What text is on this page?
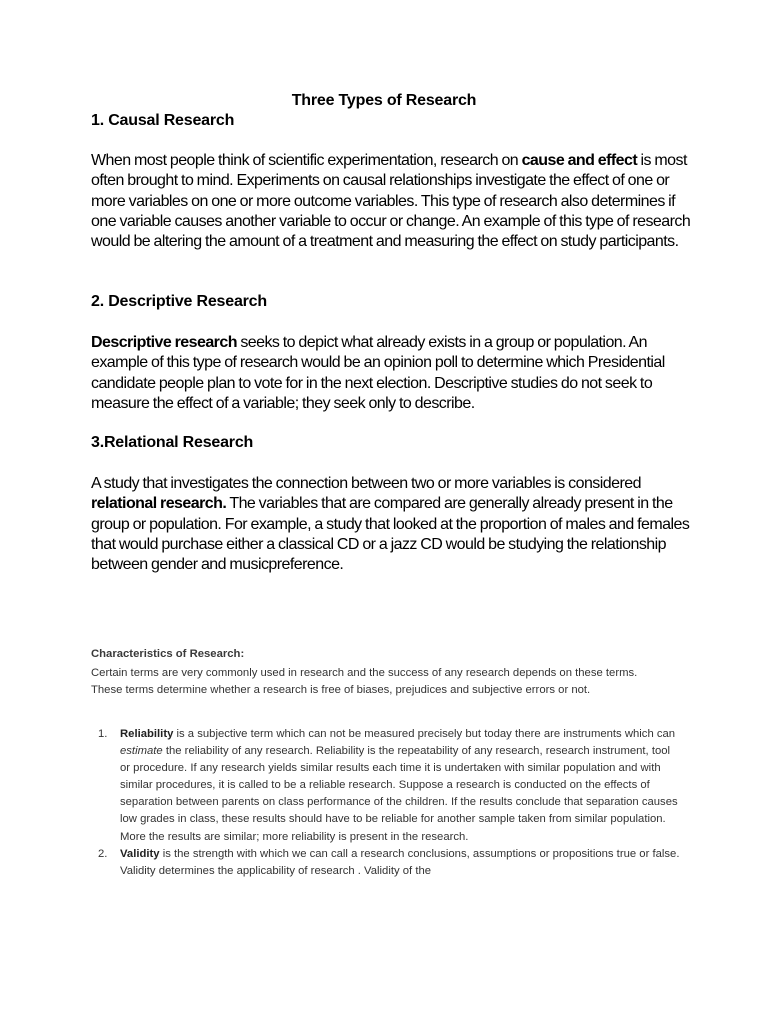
Three Types of Research
1. Causal Research
When most people think of scientific experimentation, research on cause and effect is most often brought to mind. Experiments on causal relationships investigate the effect of one or more variables on one or more outcome variables. This type of research also determines if one variable causes another variable to occur or change. An example of this type of research would be altering the amount of a treatment and measuring the effect on study participants.
2. Descriptive Research
Descriptive research seeks to depict what already exists in a group or population. An example of this type of research would be an opinion poll to determine which Presidential candidate people plan to vote for in the next election. Descriptive studies do not seek to measure the effect of a variable; they seek only to describe.
3.Relational Research
A study that investigates the connection between two or more variables is considered relational research. The variables that are compared are generally already present in the group or population. For example, a study that looked at the proportion of males and females that would purchase either a classical CD or a jazz CD would be studying the relationship between gender and musicpreference.
Characteristics of Research:
Certain terms are very commonly used in research and the success of any research depends on these terms. These terms determine whether a research is free of biases, prejudices and subjective errors or not.
1. Reliability is a subjective term which can not be measured precisely but today there are instruments which can estimate the reliability of any research. Reliability is the repeatability of any research, research instrument, tool or procedure. If any research yields similar results each time it is undertaken with similar population and with similar procedures, it is called to be a reliable research. Suppose a research is conducted on the effects of separation between parents on class performance of the children. If the results conclude that separation causes low grades in class, these results should have to be reliable for another sample taken from similar population. More the results are similar; more reliability is present in the research.
2. Validity is the strength with which we can call a research conclusions, assumptions or propositions true or false. Validity determines the applicability of research . Validity of the
